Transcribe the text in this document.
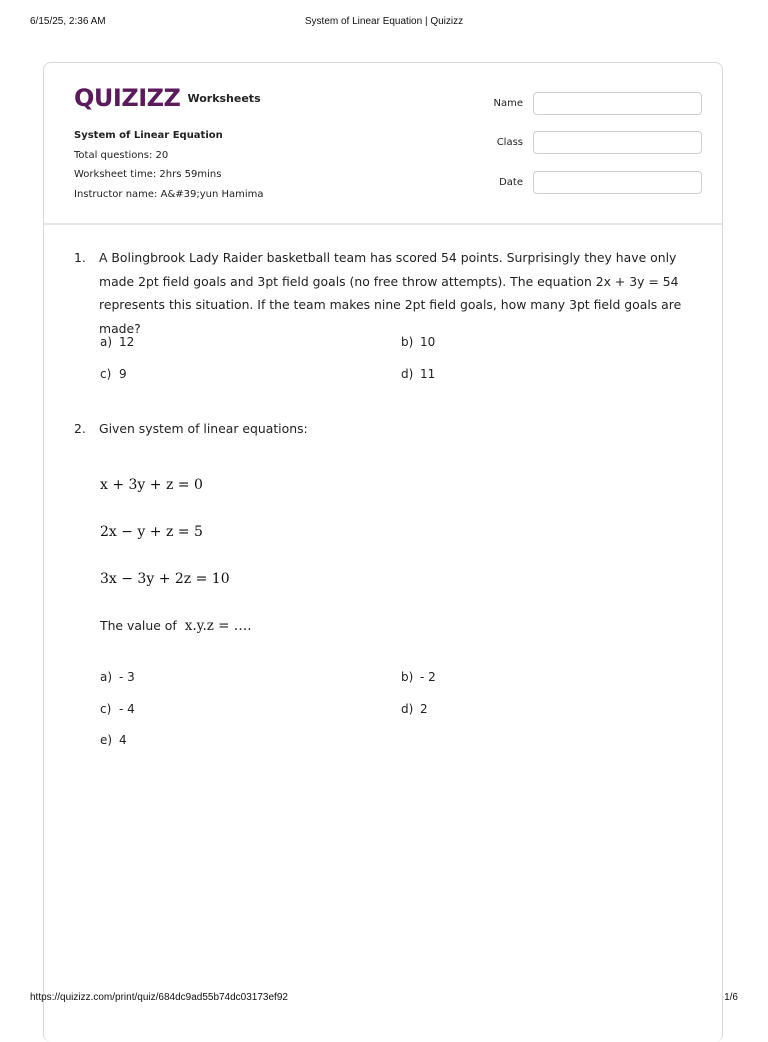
6/15/25, 2:36 AM	System of Linear Equation | Quizizz
QUIZIZZ Worksheets
System of Linear Equation
Total questions: 20
Worksheet time: 2hrs 59mins
Instructor name: A&#39;yun Hamima
Name
Class
Date
1. A Bolingbrook Lady Raider basketball team has scored 54 points. Surprisingly they have only made 2pt field goals and 3pt field goals (no free throw attempts). The equation 2x + 3y = 54 represents this situation. If the team makes nine 2pt field goals, how many 3pt field goals are made?
a) 12	b) 10
c) 9	d) 11
2. Given system of linear equations:
x + 3y + z = 0
2x − y + z = 5
3x − 3y + 2z = 10
The value of x.y.z = ….
a) - 3	b) - 2
c) - 4	d) 2
e) 4
https://quizizz.com/print/quiz/684dc9ad55b74dc03173ef92	1/6
